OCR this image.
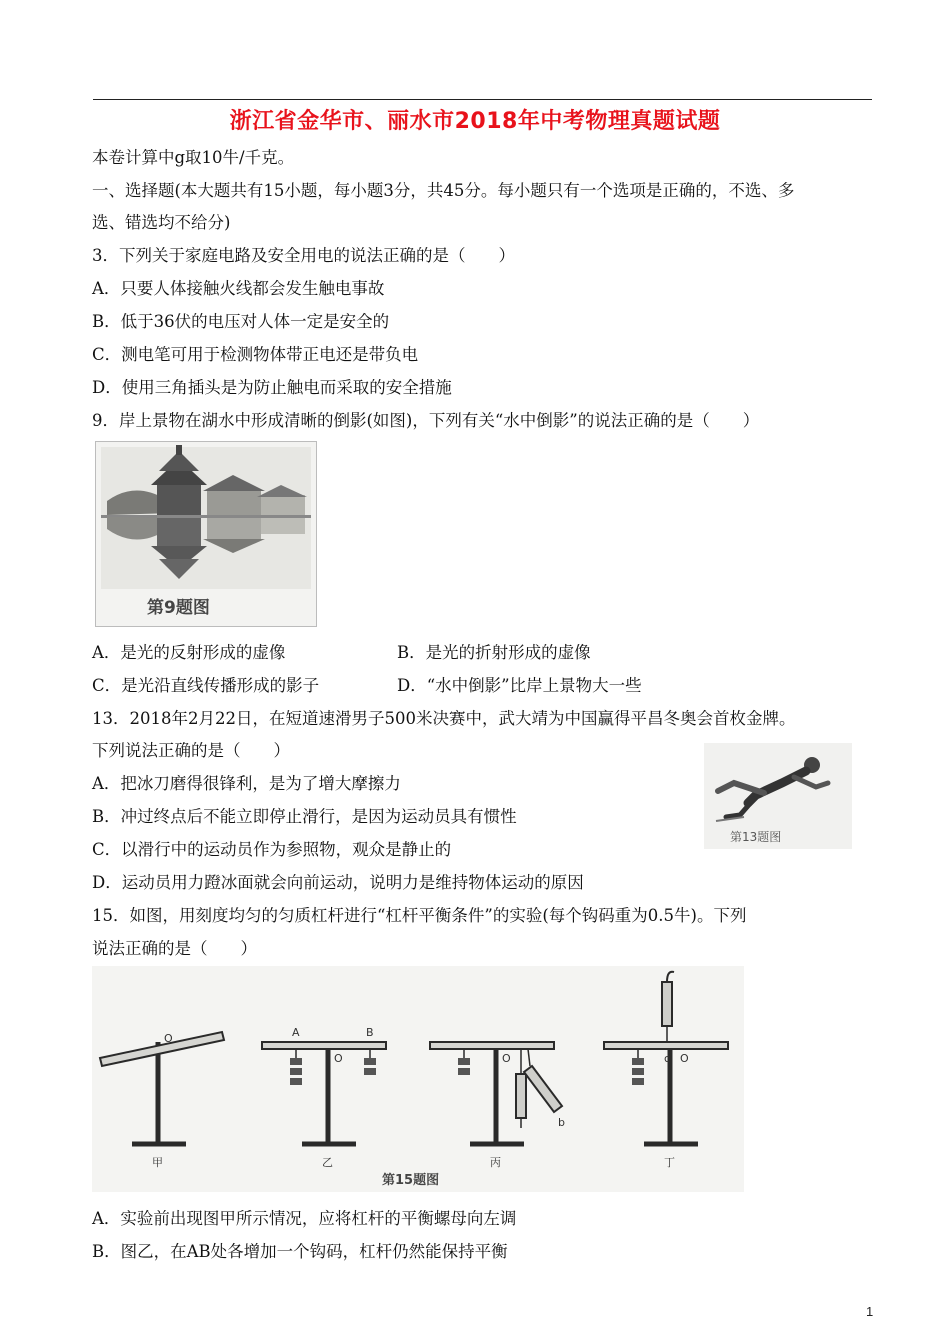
浙江省金华市、丽水市2018年中考物理真题试题
本卷计算中g取10牛/千克。
一、选择题(本大题共有15小题，每小题3分，共45分。每小题只有一个选项是正确的，不选、多
选、错选均不给分)
3．下列关于家庭电路及安全用电的说法正确的是（　　）
A．只要人体接触火线都会发生触电事故
B．低于36伏的电压对人体一定是安全的
C．测电笔可用于检测物体带正电还是带负电
D．使用三角插头是为防止触电而采取的安全措施
9．岸上景物在湖水中形成清晰的倒影(如图)，下列有关“水中倒影”的说法正确的是（　　）
第9题图
A．是光的反射形成的虚像	B．是光的折射形成的虚像
C．是光沿直线传播形成的影子	D．“水中倒影”比岸上景物大一些
13．2018年2月22日，在短道速滑男子500米决赛中，武大靖为中国赢得平昌冬奥会首枚金牌。
下列说法正确的是（　　）
第13题图
A．把冰刀磨得很锋利，是为了增大摩擦力
B．冲过终点后不能立即停止滑行，是因为运动员具有惯性
C．以滑行中的运动员作为参照物，观众是静止的
D．运动员用力蹬冰面就会向前运动，说明力是维持物体运动的原因
15．如图，用刻度均匀的匀质杠杆进行“杠杆平衡条件”的实验(每个钩码重为0.5牛)。下列
说法正确的是（　　）
O
O
A	B
O
b
c O
甲	乙	丙	丁
第15题图
A．实验前出现图甲所示情况，应将杠杆的平衡螺母向左调
B．图乙，在AB处各增加一个钩码，杠杆仍然能保持平衡
1
